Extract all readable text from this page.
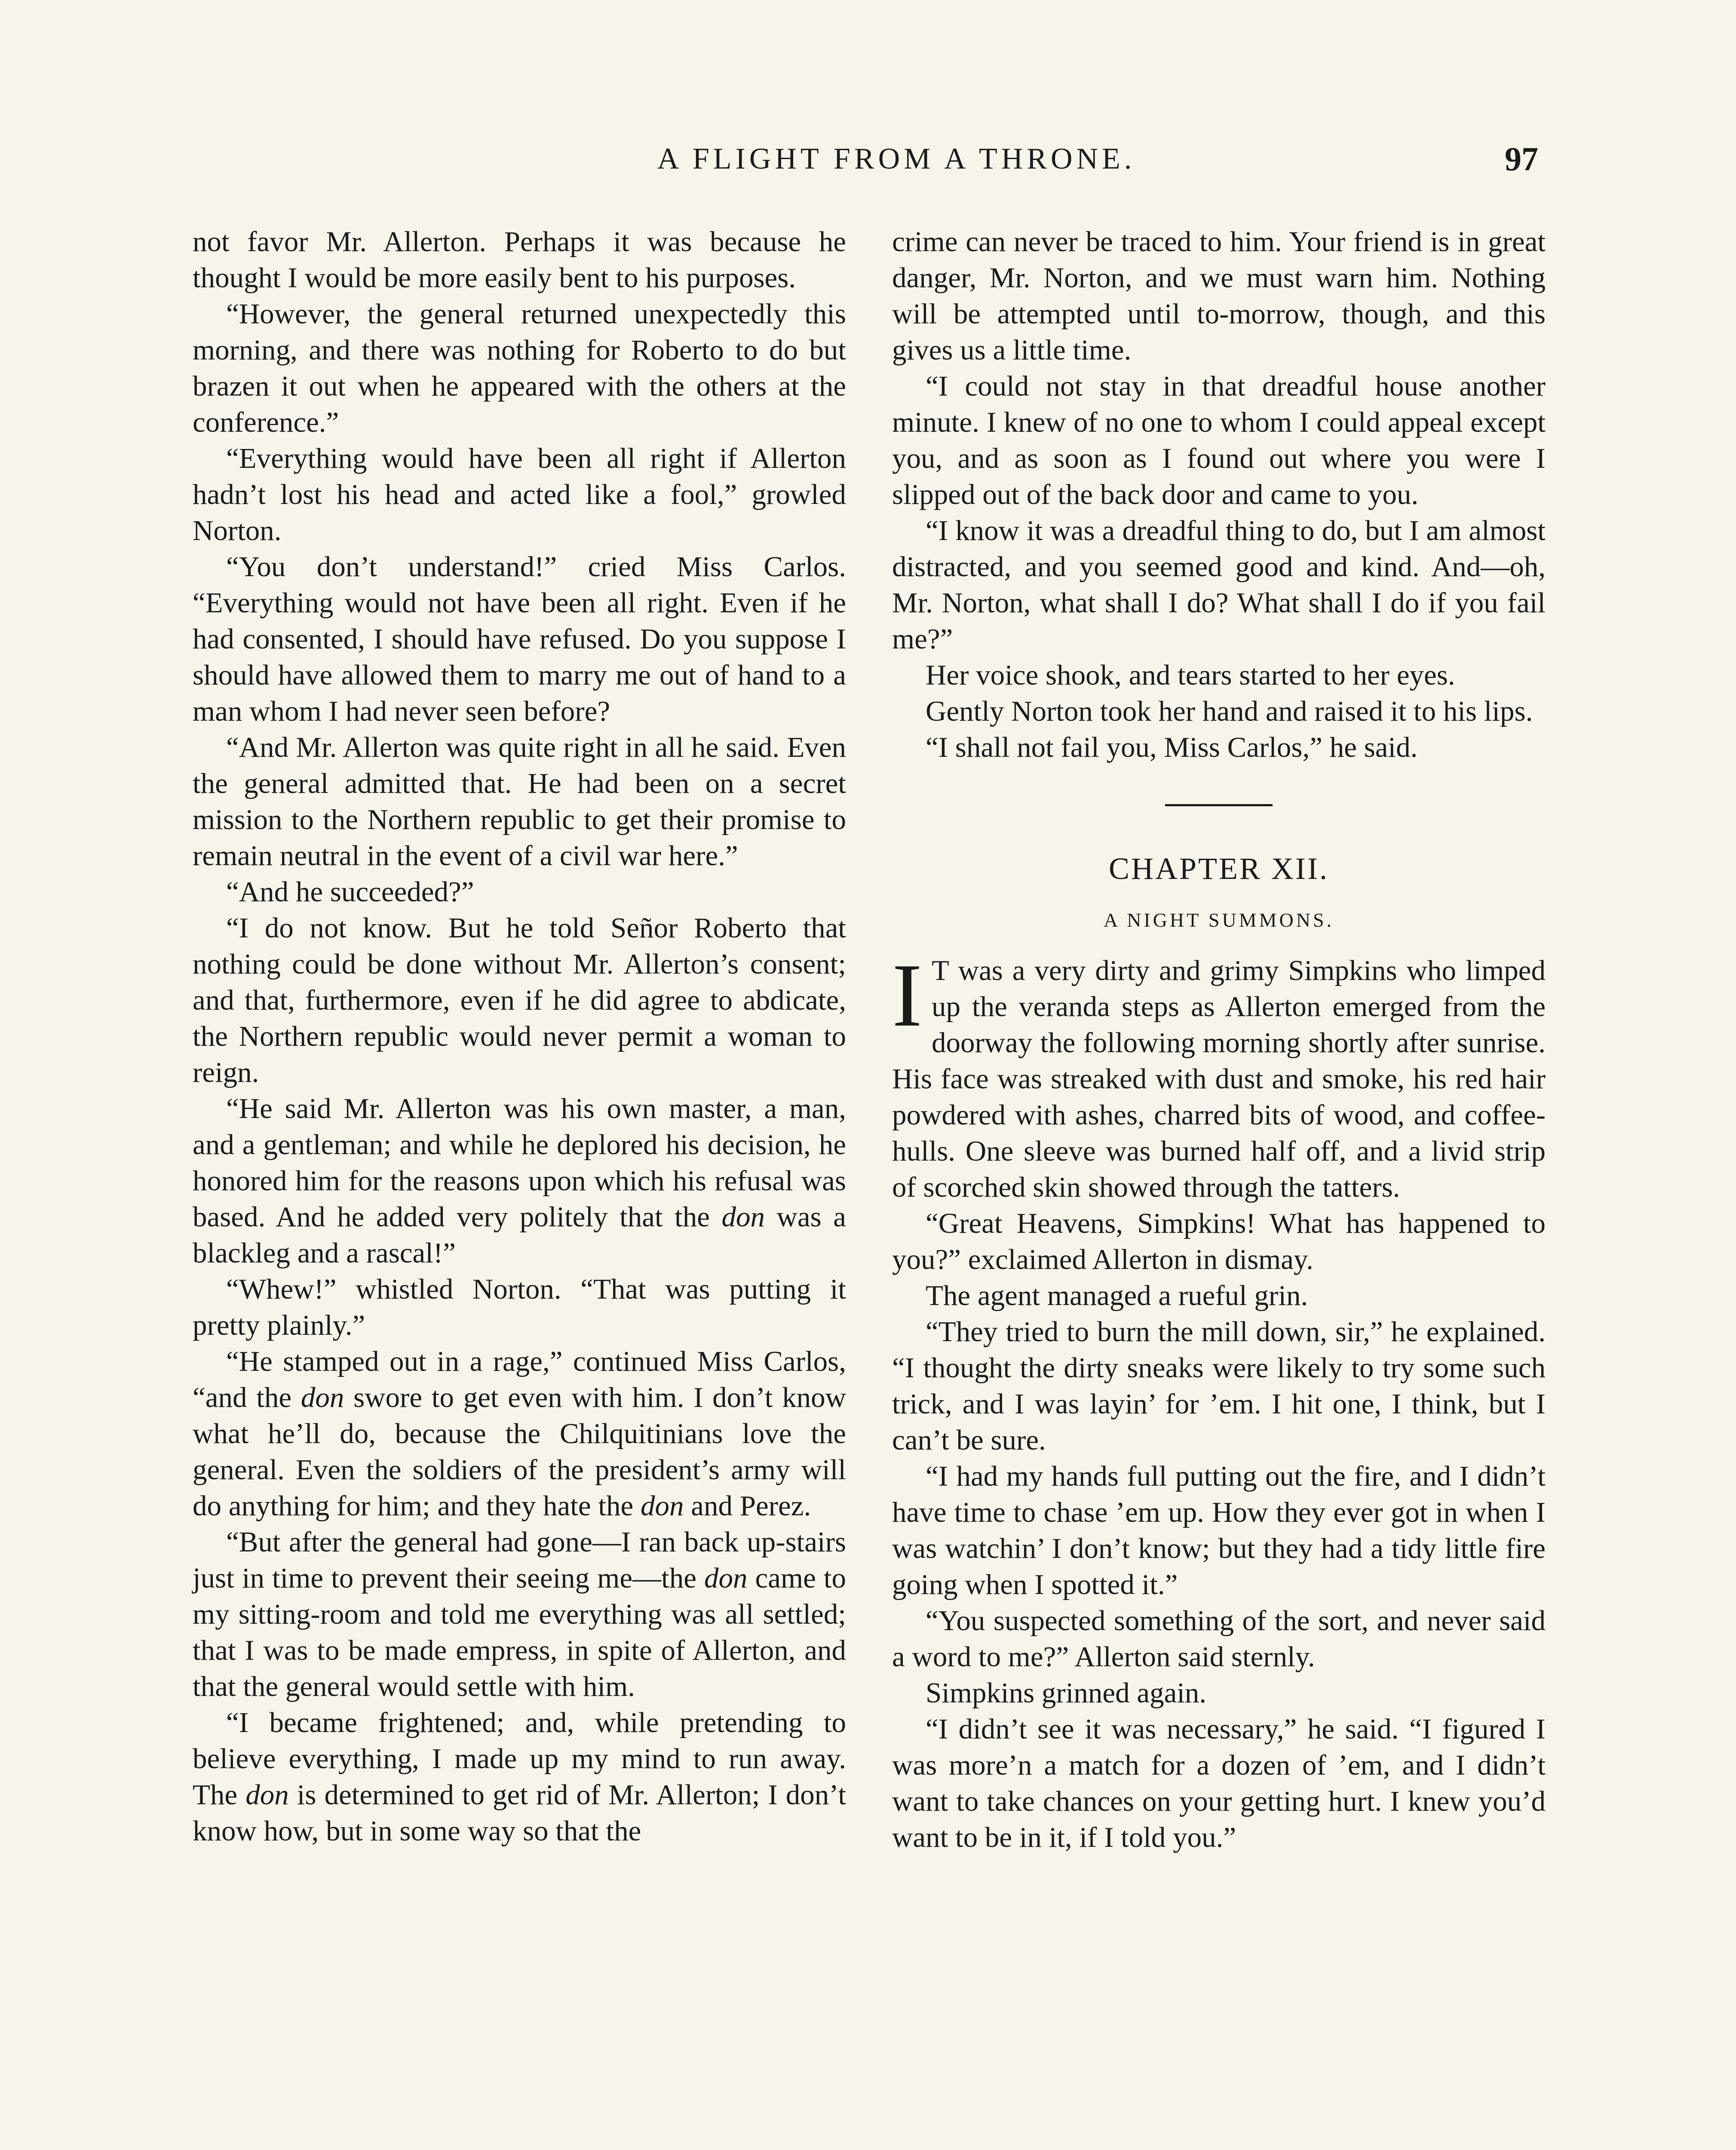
A FLIGHT FROM A THRONE.	97

not favor Mr. Allerton. Perhaps it was because he thought I would be more easily bent to his purposes.

“However, the general returned unexpectedly this morning, and there was nothing for Roberto to do but brazen it out when he appeared with the others at the conference.”

“Everything would have been all right if Allerton hadn’t lost his head and acted like a fool,” growled Norton.

“You don’t understand!” cried Miss Carlos. “Everything would not have been all right. Even if he had consented, I should have refused. Do you suppose I should have allowed them to marry me out of hand to a man whom I had never seen before?

“And Mr. Allerton was quite right in all he said. Even the general admitted that. He had been on a secret mission to the Northern republic to get their promise to remain neutral in the event of a civil war here.”

“And he succeeded?”

“I do not know. But he told Señor Roberto that nothing could be done without Mr. Allerton’s consent; and that, furthermore, even if he did agree to abdicate, the Northern republic would never permit a woman to reign.

“He said Mr. Allerton was his own master, a man, and a gentleman; and while he deplored his decision, he honored him for the reasons upon which his refusal was based. And he added very politely that the don was a blackleg and a rascal!”

“Whew!” whistled Norton. “That was putting it pretty plainly.”

“He stamped out in a rage,” continued Miss Carlos, “and the don swore to get even with him. I don’t know what he’ll do, because the Chilquitinians love the general. Even the soldiers of the president’s army will do anything for him; and they hate the don and Perez.

“But after the general had gone—I ran back up-stairs just in time to prevent their seeing me—the don came to my sitting-room and told me everything was all settled; that I was to be made empress, in spite of Allerton, and that the general would settle with him.

“I became frightened; and, while pretending to believe everything, I made up my mind to run away. The don is determined to get rid of Mr. Allerton; I don’t know how, but in some way so that the

crime can never be traced to him. Your friend is in great danger, Mr. Norton, and we must warn him. Nothing will be attempted until to-morrow, though, and this gives us a little time.

“I could not stay in that dreadful house another minute. I knew of no one to whom I could appeal except you, and as soon as I found out where you were I slipped out of the back door and came to you.

“I know it was a dreadful thing to do, but I am almost distracted, and you seemed good and kind. And—oh, Mr. Norton, what shall I do? What shall I do if you fail me?”

Her voice shook, and tears started to her eyes.

Gently Norton took her hand and raised it to his lips.

“I shall not fail you, Miss Carlos,” he said.

CHAPTER XII.
A NIGHT SUMMONS.

I T was a very dirty and grimy Simpkins who limped up the veranda steps as Allerton emerged from the doorway the following morning shortly after sunrise. His face was streaked with dust and smoke, his red hair powdered with ashes, charred bits of wood, and coffee-hulls. One sleeve was burned half off, and a livid strip of scorched skin showed through the tatters.

“Great Heavens, Simpkins! What has happened to you?” exclaimed Allerton in dismay.

The agent managed a rueful grin.

“They tried to burn the mill down, sir,” he explained. “I thought the dirty sneaks were likely to try some such trick, and I was layin’ for ’em. I hit one, I think, but I can’t be sure.

“I had my hands full putting out the fire, and I didn’t have time to chase ’em up. How they ever got in when I was watchin’ I don’t know; but they had a tidy little fire going when I spotted it.”

“You suspected something of the sort, and never said a word to me?” Allerton said sternly.

Simpkins grinned again.

“I didn’t see it was necessary,” he said. “I figured I was more’n a match for a dozen of ’em, and I didn’t want to take chances on your getting hurt. I knew you’d want to be in it, if I told you.”
